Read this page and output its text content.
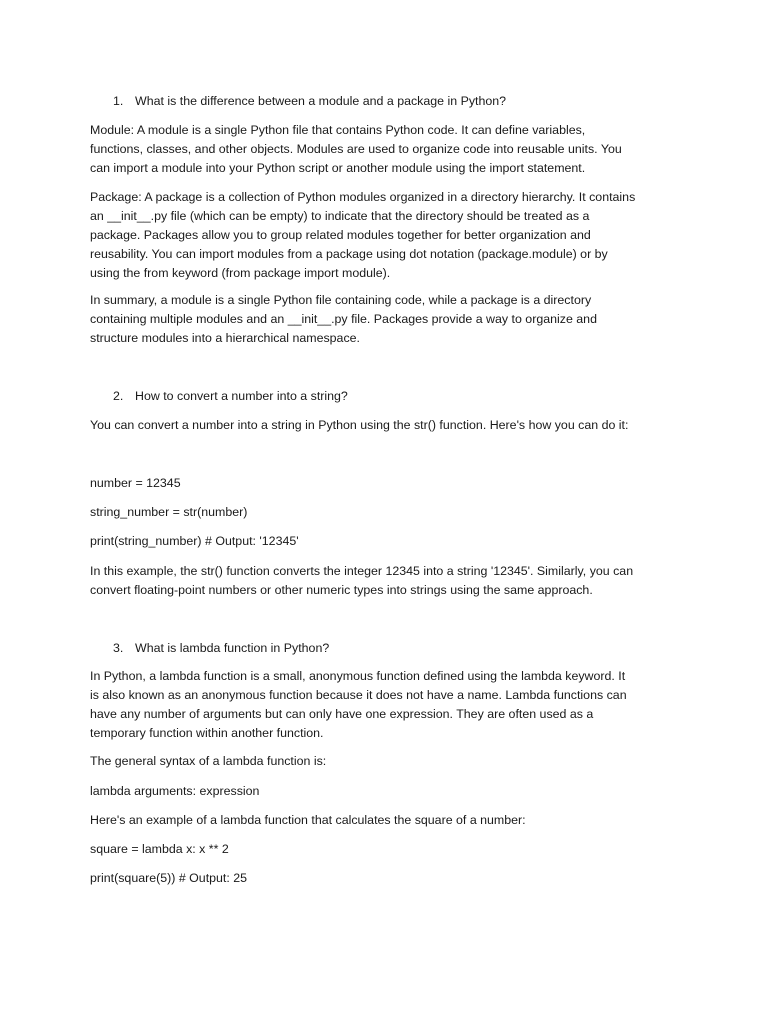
1. What is the difference between a module and a package in Python?
Module: A module is a single Python file that contains Python code. It can define variables,
functions, classes, and other objects. Modules are used to organize code into reusable units. You
can import a module into your Python script or another module using the import statement.
Package: A package is a collection of Python modules organized in a directory hierarchy. It contains
an __init__.py file (which can be empty) to indicate that the directory should be treated as a
package. Packages allow you to group related modules together for better organization and
reusability. You can import modules from a package using dot notation (package.module) or by
using the from keyword (from package import module).
In summary, a module is a single Python file containing code, while a package is a directory
containing multiple modules and an __init__.py file. Packages provide a way to organize and
structure modules into a hierarchical namespace.
2. How to convert a number into a string?
You can convert a number into a string in Python using the str() function. Here's how you can do it:
number = 12345
string_number = str(number)
print(string_number) # Output: '12345'
In this example, the str() function converts the integer 12345 into a string '12345'. Similarly, you can
convert floating-point numbers or other numeric types into strings using the same approach.
3. What is lambda function in Python?
In Python, a lambda function is a small, anonymous function defined using the lambda keyword. It
is also known as an anonymous function because it does not have a name. Lambda functions can
have any number of arguments but can only have one expression. They are often used as a
temporary function within another function.
The general syntax of a lambda function is:
lambda arguments: expression
Here's an example of a lambda function that calculates the square of a number:
square = lambda x: x ** 2
print(square(5)) # Output: 25
